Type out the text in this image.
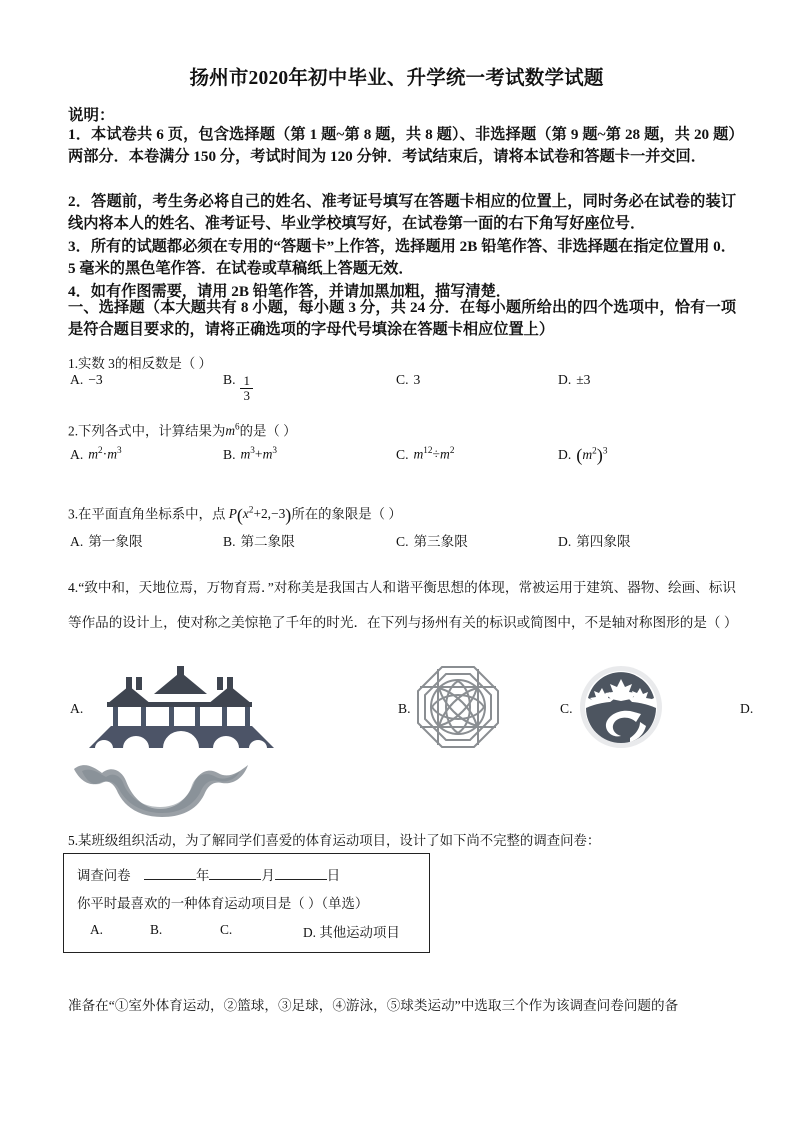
扬州市2020年初中毕业、升学统一考试数学试题
说明：
1．本试卷共 6 页，包含选择题（第 1 题~第 8 题，共 8 题）、非选择题（第 9 题~第 28 题，共 20 题）两部分．本卷满分 150 分，考试时间为 120 分钟．考试结束后，请将本试卷和答题卡一并交回．
2．答题前，考生务必将自己的姓名、准考证号填写在答题卡相应的位置上，同时务必在试卷的装订线内将本人的姓名、准考证号、毕业学校填写好，在试卷第一面的右下角写好座位号．
3．所有的试题都必须在专用的“答题卡”上作答，选择题用 2B 铅笔作答、非选择题在指定位置用 0．5 毫米的黑色笔作答．在试卷或草稿纸上答题无效．
4．如有作图需要，请用 2B 铅笔作答，并请加黑加粗，描写清楚．
一、选择题（本大题共有 8 小题，每小题 3 分，共 24 分．在每小题所给出的四个选项中，恰有一项是符合题目要求的，请将正确选项的字母代号填涂在答题卡相应位置上）
1.实数 3的相反数是（ ）
A. −3	B. $\frac{1}{3}$	C. 3	D. ±3
2.下列各式中，计算结果为$m^6$的是（ ）
A. $m^2\cdot m^3$	B. $m^3+m^3$	C. $m^{12}\div m^2$	D. $(m^2)^3$
3.在平面直角坐标系中，点 $P(x^2+2,-3)$所在的象限是（ ）
A. 第一象限	B. 第二象限	C. 第三象限	D. 第四象限
4.“致中和，天地位焉，万物育焉．”对称美是我国古人和谐平衡思想的体现，常被运用于建筑、器物、绘画、标识等作品的设计上，使对称之美惊艳了千年的时光．在下列与扬州有关的标识或简图中，不是轴对称图形的是（ ）
A.	B.	C.	D.
5.某班级组织活动，为了解同学们喜爱的体育运动项目，设计了如下尚不完整的调查问卷：
调查问卷	年	月	日
你平时最喜欢的一种体育运动项目是（ ）（单选）
A.	B.	C.	D. 其他运动项目
准备在“①室外体育运动，②篮球，③足球，④游泳，⑤球类运动”中选取三个作为该调查问卷问题的备
